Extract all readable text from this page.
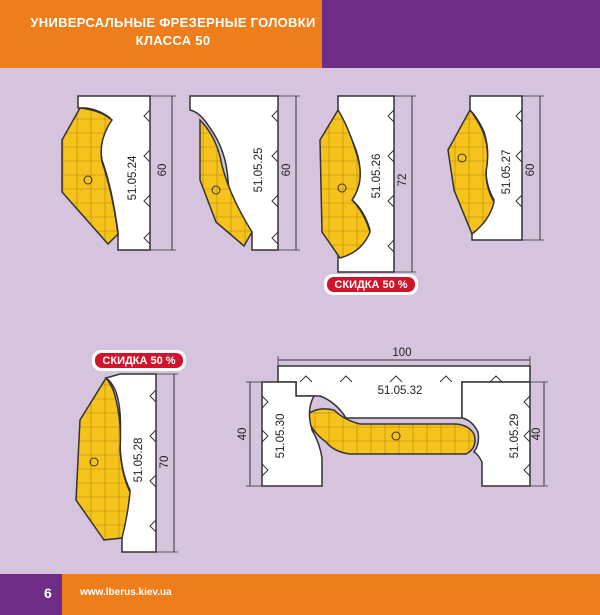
УНИВЕРСАЛЬНЫЕ ФРЕЗЕРНЫЕ ГОЛОВКИ
КЛАССА 50
51.05.24 60	51.05.25 60	51.05.26 72
СКИДКА 50 %
51.05.27 60
СКИДКА 50 %
51.05.28 70
100
51.05.32
40 51.05.30	40
51.05.29
6	www.lberus.kiev.ua
